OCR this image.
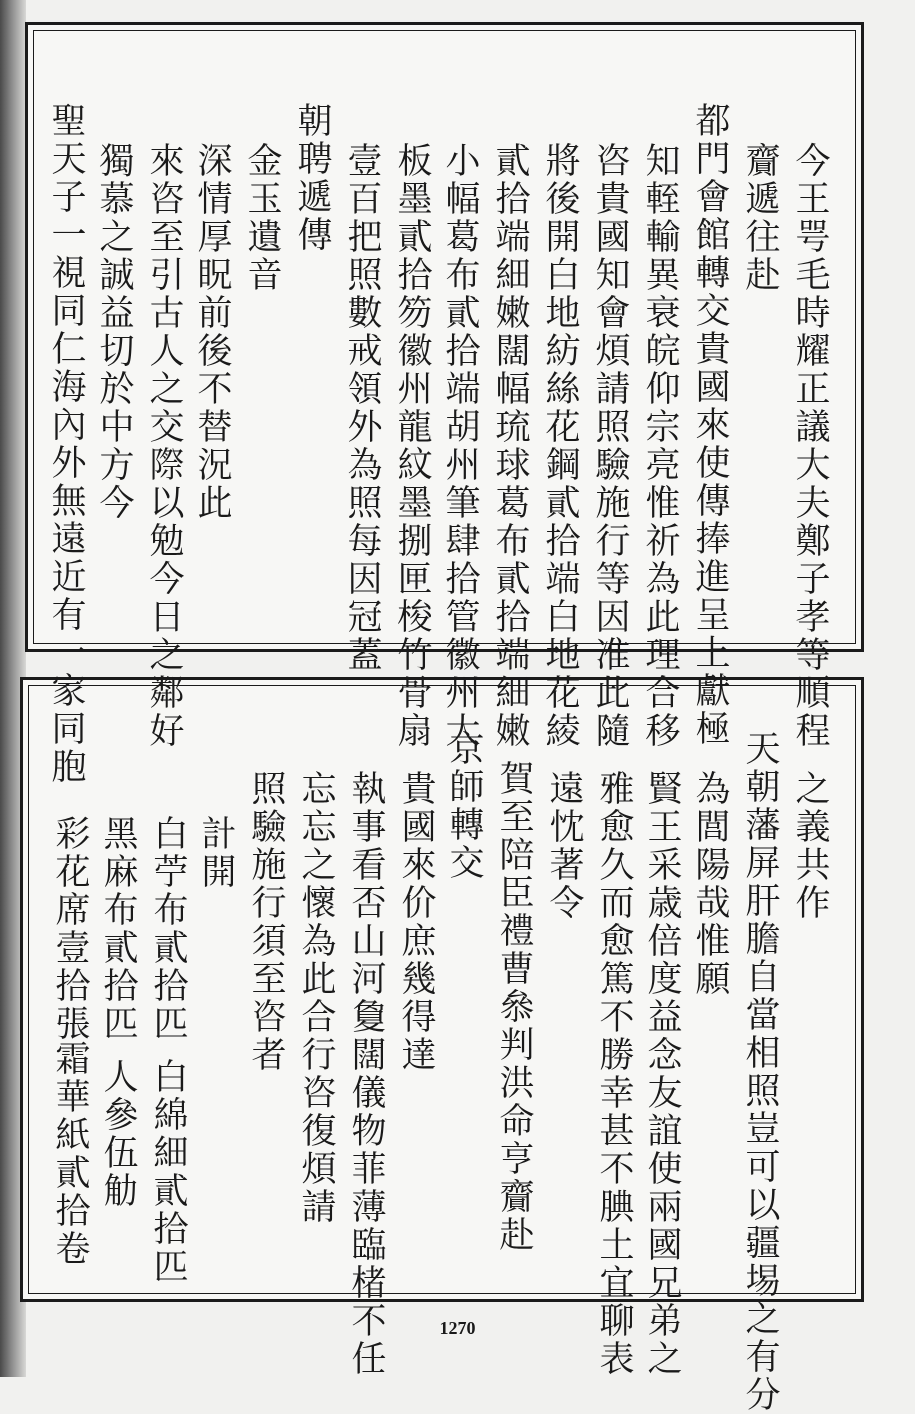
今王咢毛時耀正議大夫鄭子孝等順程
齎遞往赴
都門會館轉交貴國來使傳捧進呈上獻極
知輊輸異衰皖仰宗亮惟祈為此理合移
咨貴國知會煩請照驗施行等因准此隨
將後開白地紡絲花鋼貳拾端白地花綾
貳拾端細嫩闊幅琉球葛布貳拾端細嫩
小幅葛布貳拾端胡州筆肆拾管徽州大
板墨貳拾笏徽州龍紋墨捌匣梭竹骨扇
壹百把照數戒領外為照每因冠蓋
朝聘遞傳
金玉遺音
深情厚眖前後不替況此
來咨至引古人之交際以勉今日之鄰好
獨慕之誠益切於中方今
聖天子一視同仁海內外無遠近有一家同胞
之義共作
天朝藩屏肝膽自當相照豈可以疆埸之有分
為閭陽哉惟願
賢王采歳倍度益念友誼使兩國兄弟之
雅愈久而愈篤不勝幸甚不腆土宜聊表
遠忱著令
賀至陪臣禮曹叅判洪命亨齎赴
京師轉交
貴國來价庶幾得達
執事看否山河敻闊儀物菲薄臨楮不任
忘忘之懷為此合行咨復煩請
照驗施行須至咨者
計開
白苧布貳拾匹
白綿細貳拾匹
黑麻布貳拾匹
人參伍觔
彩花席壹拾張
霜華紙貳拾卷
1270
